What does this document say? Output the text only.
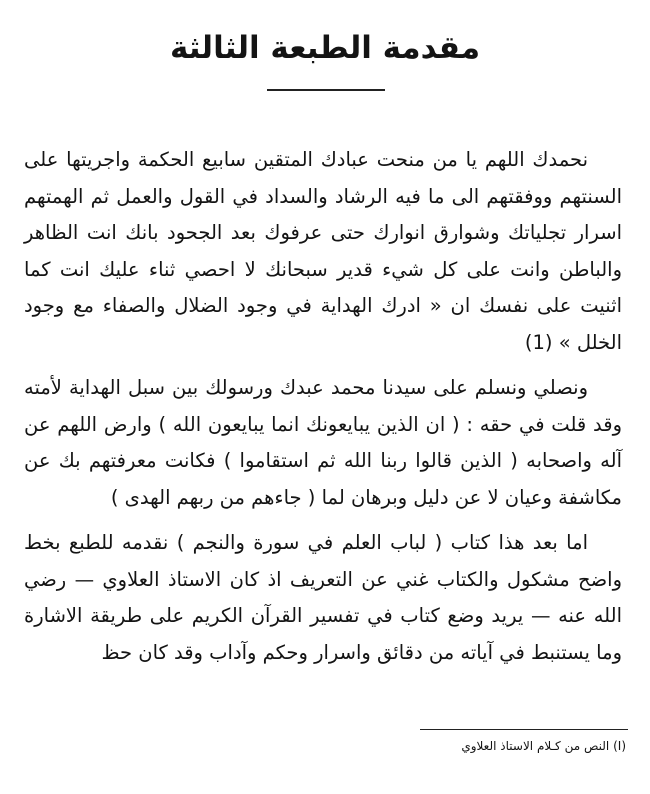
مقدمة الطبعة الثالثة

نحمدك اللهم يا من منحت عبادك المتقين سابيع الحكمة واجريتها على السنتهم ووفقتهم الى ما فيه الرشاد والسداد في القول والعمل ثم الهمتهم اسرار تجلياتك وشوارق انوارك حتى عرفوك بعد الجحود بانك انت الظاهر والباطن وانت على كل شيء قدير سبحانك لا احصي ثناء عليك انت كما اثنيت على نفسك ان « ادرك الهداية في وجود الضلال والصفاء مع وجود الخلل » (1)

ونصلي ونسلم على سيدنا محمد عبدك ورسولك بين سبل الهداية لأمته وقد قلت في حقه : ( ان الذين يبايعونك انما يبايعون الله ) وارض اللهم عن آله واصحابه ( الذين قالوا ربنا الله ثم استقاموا ) فكانت معرفتهم بك عن مكاشفة وعيان لا عن دليل وبرهان لما ( جاءهم من ربهم الهدى )

اما بعد هذا كتاب ( لباب العلم في سورة والنجم ) نقدمه للطبع بخط واضح مشكول والكتاب غني عن التعريف اذ كان الاستاذ العلاوي — رضي الله عنه — يريد وضع كتاب في تفسير القرآن الكريم على طريقة الاشارة وما يستنبط في آياته من دقائق واسرار وحكم وآداب وقد كان حظ

(I) النص من كـلام الاستاذ العلاوي
